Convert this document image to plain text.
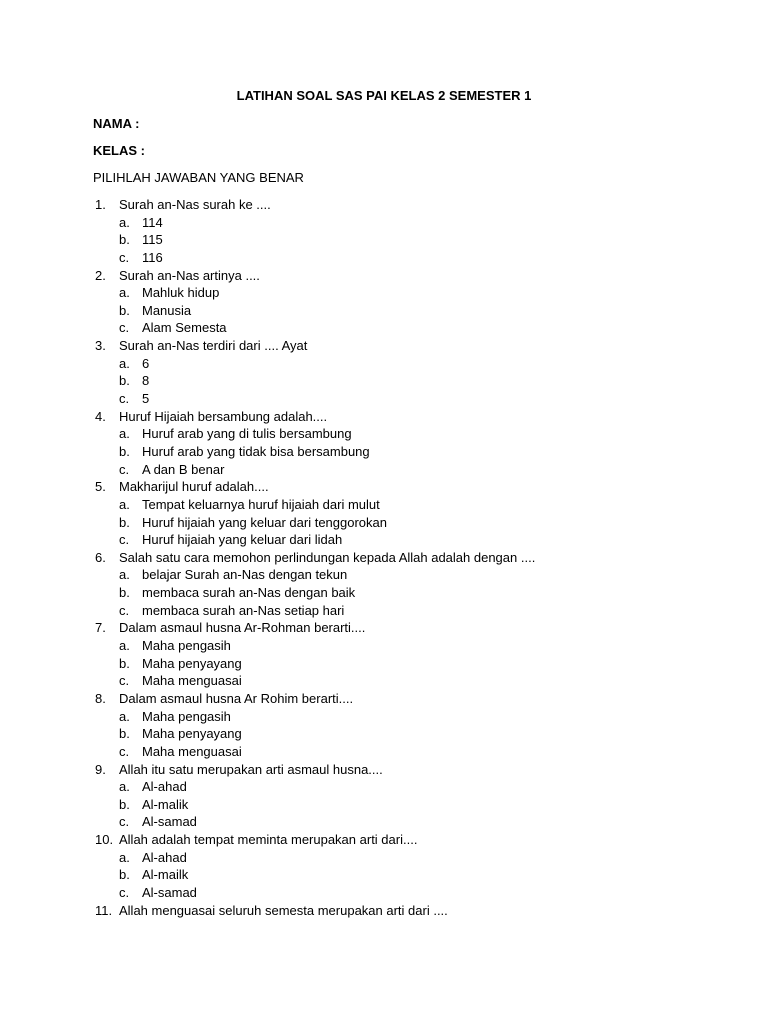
LATIHAN SOAL SAS PAI KELAS 2 SEMESTER 1
NAMA :
KELAS :
PILIHLAH JAWABAN YANG BENAR
1.	Surah an-Nas surah ke ....
a. 114
b. 115
c. 116
2.	Surah an-Nas artinya ....
a. Mahluk hidup
b. Manusia
c. Alam Semesta
3.	Surah an-Nas terdiri dari .... Ayat
a. 6
b. 8
c. 5
4.	Huruf Hijaiah bersambung adalah....
a. Huruf arab yang di tulis bersambung
b. Huruf arab yang tidak bisa bersambung
c. A dan B benar
5.	Makharijul huruf adalah....
a. Tempat keluarnya huruf hijaiah dari mulut
b. Huruf hijaiah yang keluar dari tenggorokan
c. Huruf hijaiah yang keluar dari lidah
6.	Salah satu cara memohon perlindungan kepada Allah adalah dengan ....
a. belajar Surah an-Nas dengan tekun
b. membaca surah an-Nas dengan baik
c. membaca surah an-Nas setiap hari
7.	Dalam asmaul husna Ar-Rohman berarti....
a. Maha pengasih
b. Maha penyayang
c. Maha menguasai
8.	Dalam asmaul husna Ar Rohim berarti....
a. Maha pengasih
b. Maha penyayang
c. Maha menguasai
9.	Allah itu satu merupakan arti asmaul husna....
a. Al-ahad
b. Al-malik
c. Al-samad
10. Allah adalah tempat meminta merupakan arti dari....
a. Al-ahad
b. Al-mailk
c. Al-samad
11. Allah menguasai seluruh semesta merupakan arti dari ....
